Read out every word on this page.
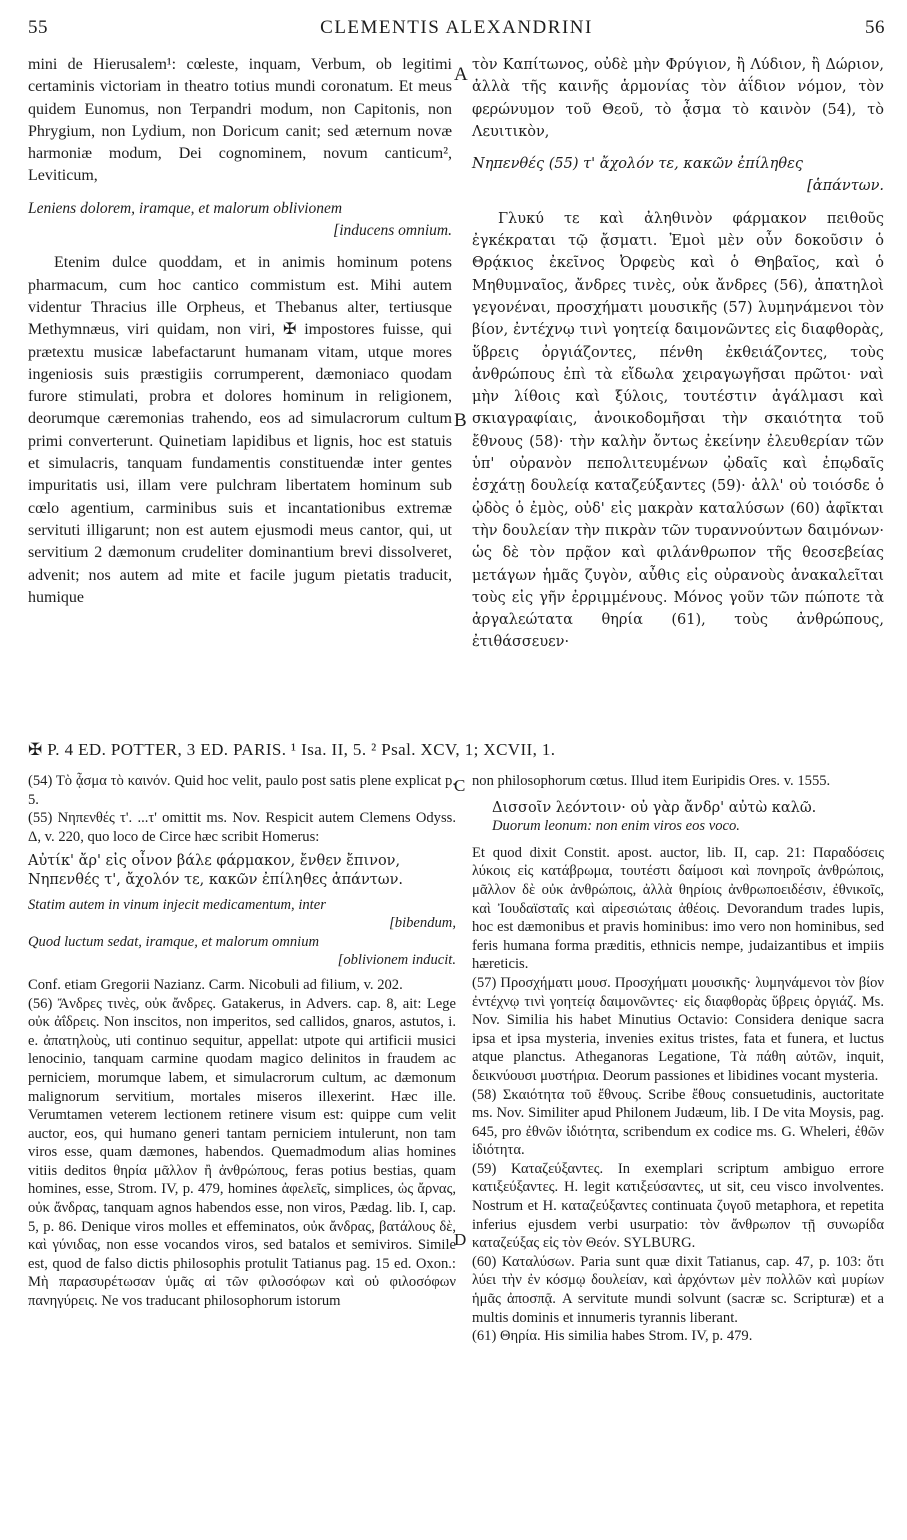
55	CLEMENTIS ALEXANDRINI	56

mini de Hierusalem¹: cœleste, inquam, Verbum, ob legitimi certaminis victoriam in theatro totius mundi coronatum. Et meus quidem Eunomus, non Terpandri modum, non Capitonis, non Phrygium, non Lydium, non Doricum canit; sed æternum novæ harmoniæ modum, Dei cognominem, novum canticum², Leviticum,

Leniens dolorem, iramque, et malorum oblivionem

[inducens omnium.

Etenim dulce quoddam, et in animis hominum potens pharmacum, cum hoc cantico commistum est. Mihi autem videntur Thracius ille Orpheus, et Thebanus alter, tertiusque Methymnæus, viri quidam, non viri, ✠ impostores fuisse, qui prætextu musicæ labefactarunt humanam vitam, utque mores ingeniosis suis præstigiis corrumperent, dæmoniaco quodam furore stimulati, probra et dolores hominum in religionem, deorumque cæremonias trahendo, eos ad simulacrorum cultum primi converterunt. Quinetiam lapidibus et lignis, hoc est statuis et simulacris, tanquam fundamentis constituendæ inter gentes impuritatis usi, illam vere pulchram libertatem hominum sub cœlo agentium, carminibus suis et incantationibus extremæ servituti illigarunt; non est autem ejusmodi meus cantor, qui, ut servitium 2 dæmonum crudeliter dominantium brevi dissolveret, advenit; nos autem ad mite et facile jugum pietatis traducit, humique

A
B

τὸν Καπίτωνος, οὐδὲ μὴν Φρύγιον, ἢ Λύδιον, ἢ Δώριον, ἀλλὰ τῆς καινῆς ἁρμονίας τὸν ἀΐδιον νόμον, τὸν φερώνυμον τοῦ Θεοῦ, τὸ ᾆσμα τὸ καινὸν (54), τὸ Λευιτικὸν,

Νηπενθές (55) τ' ἄχολόν τε, κακῶν ἐπίληθες

[ἁπάντων.

Γλυκύ τε καὶ ἀληθινὸν φάρμακον πειθοῦς ἐγκέκραται τῷ ᾄσματι. Ἐμοὶ μὲν οὖν δοκοῦσιν ὁ Θρᾴκιος ἐκεῖνος Ὀρφεὺς καὶ ὁ Θηβαῖος, καὶ ὁ Μηθυμναῖος, ἄνδρες τινὲς, οὐκ ἄνδρες (56), ἀπατηλοὶ γεγονέναι, προσχήματι μουσικῆς (57) λυμηνάμενοι τὸν βίον, ἐντέχνῳ τινὶ γοητείᾳ δαιμονῶντες εἰς διαφθορὰς, ὕβρεις ὀργιάζοντες, πένθη ἐκθειάζοντες, τοὺς ἀνθρώπους ἐπὶ τὰ εἴδωλα χειραγωγῆσαι πρῶτοι· ναὶ μὴν λίθοις καὶ ξύλοις, τουτέστιν ἀγάλμασι καὶ σκιαγραφίαις, ἀνοικοδομῆσαι τὴν σκαιότητα τοῦ ἔθνους (58)· τὴν καλὴν ὄντως ἐκείνην ἐλευθερίαν τῶν ὑπ' οὐρανὸν πεπολιτευμένων ᾠδαῖς καὶ ἐπῳδαῖς ἐσχάτῃ δουλείᾳ καταζεύξαντες (59)· ἀλλ' οὐ τοιόσδε ὁ ᾠδὸς ὁ ἐμὸς, οὐδ' εἰς μακρὰν καταλύσων (60) ἀφῖκται τὴν δουλείαν τὴν πικρὰν τῶν τυραννούντων δαιμόνων· ὡς δὲ τὸν πρᾷον καὶ φιλάνθρωπον τῆς θεοσεβείας μετάγων ἡμᾶς ζυγὸν, αὖθις εἰς οὐρανοὺς ἀνακαλεῖται τοὺς εἰς γῆν ἐρριμμένους. Μόνος γοῦν τῶν πώποτε τὰ ἀργαλεώτατα θηρία (61), τοὺς ἀνθρώπους, ἐτιθάσσευεν·

✠ P. 4 ED. POTTER, 3 ED. PARIS. ¹ Isa. II, 5. ² Psal. XCV, 1; XCVII, 1.

(54) Τὸ ᾆσμα τὸ καινόν. Quid hoc velit, paulo post satis plene explicat p. 5.

(55) Νηπενθές τ'. ...τ' omittit ms. Nov. Respicit autem Clemens Odyss. Δ, v. 220, quo loco de Circe hæc scribit Homerus:

Αὐτίκ' ἄρ' εἰς οἶνον βάλε φάρμακον, ἔνθεν ἔπινον,

Νηπενθές τ', ἄχολόν τε, κακῶν ἐπίληθες ἁπάντων.

Statim autem in vinum injecit medicamentum, inter

[bibendum,

Quod luctum sedat, iramque, et malorum omnium

[oblivionem inducit.

Conf. etiam Gregorii Nazianz. Carm. Nicobuli ad filium, v. 202.

(56) Ἄνδρες τινὲς, οὐκ ἄνδρες. Gatakerus, in Advers. cap. 8, ait: Lege οὐκ ἀΐδρεις. Non inscitos, non imperitos, sed callidos, gnaros, astutos, i. e. ἀπατηλοὺς, uti continuo sequitur, appellat: utpote qui artificii musici lenocinio, tanquam carmine quodam magico delinitos in fraudem ac perniciem, morumque labem, et simulacrorum cultum, ac dæmonum malignorum servitium, mortales miseros illexerint. Hæc ille. Verumtamen veterem lectionem retinere visum est: quippe cum velit auctor, eos, qui humano generi tantam perniciem intulerunt, non tam viros esse, quam dæmones, habendos. Quemadmodum alias homines vitiis deditos θηρία μᾶλλον ἢ ἀνθρώπους, feras potius bestias, quam homines, esse, Strom. IV, p. 479, homines ἀφελεῖς, simplices, ὡς ἄρνας, οὐκ ἄνδρας, tanquam agnos habendos esse, non viros, Pædag. lib. I, cap. 5, p. 86. Denique viros molles et effeminatos, οὐκ ἄνδρας, βατάλους δὲ, καὶ γύνιδας, non esse vocandos viros, sed batalos et semiviros. Simile est, quod de falso dictis philosophis protulit Tatianus pag. 15 ed. Oxon.: Μὴ παρασυρέτωσαν ὑμᾶς αἱ τῶν φιλοσόφων καὶ οὐ φιλοσόφων πανηγύρεις. Ne vos traducant philosophorum istorum

C
D

non philosophorum cœtus. Illud item Euripidis Ores. v. 1555.

Δισσοῖν λεόντοιν· οὐ γὰρ ἄνδρ' αὐτὼ καλῶ.

Duorum leonum: non enim viros eos voco.

Et quod dixit Constit. apost. auctor, lib. II, cap. 21: Παραδόσεις λύκοις εἰς κατάβρωμα, τουτέστι δαίμοσι καὶ πονηροῖς ἀνθρώποις, μᾶλλον δὲ οὐκ ἀνθρώποις, ἀλλὰ θηρίοις ἀνθρωποειδέσιν, ἐθνικοῖς, καὶ Ἰουδαϊσταῖς καὶ αἱρεσιώταις ἀθέοις. Devorandum trades lupis, hoc est dæmonibus et pravis hominibus: imo vero non hominibus, sed feris humana forma præditis, ethnicis nempe, judaizantibus et impiis hæreticis.

(57) Προσχήματι μουσ. Προσχήματι μουσικῆς· λυμηνάμενοι τὸν βίον ἐντέχνῳ τινὶ γοητείᾳ δαιμονῶντες· εἰς διαφθορὰς ὕβρεις ὀργιάζ. Ms. Nov. Similia his habet Minutius Octavio: Considera denique sacra ipsa et ipsa mysteria, invenies exitus tristes, fata et funera, et luctus atque planctus. Atheganoras Legatione, Τὰ πάθη αὐτῶν, inquit, δεικνύουσι μυστήρια. Deorum passiones et libidines vocant mysteria.

(58) Σκαιότητα τοῦ ἔθνους. Scribe ἔθους consuetudinis, auctoritate ms. Nov. Similiter apud Philonem Judæum, lib. I De vita Moysis, pag. 645, pro ἐθνῶν ἰδιότητα, scribendum ex codice ms. G. Wheleri, ἐθῶν ἰδιότητα.

(59) Καταζεύξαντες. In exemplari scriptum ambiguo errore κατιξεύξαντες. H. legit κατιξεύσαντες, ut sit, ceu visco involventes. Nostrum et H. καταζεύξαντες continuata ζυγοῦ metaphora, et repetita inferius ejusdem verbi usurpatio: τὸν ἄνθρωπον τῇ συνωρίδα καταζεύξας εἰς τὸν Θεόν. SYLBURG.

(60) Καταλύσων. Paria sunt quæ dixit Tatianus, cap. 47, p. 103: ὅτι λύει τὴν ἐν κόσμῳ δουλείαν, καὶ ἀρχόντων μὲν πολλῶν καὶ μυρίων ἡμᾶς ἀποσπᾷ. A servitute mundi solvunt (sacræ sc. Scripturæ) et a multis dominis et innumeris tyrannis liberant.

(61) Θηρία. His similia habes Strom. IV, p. 479.
